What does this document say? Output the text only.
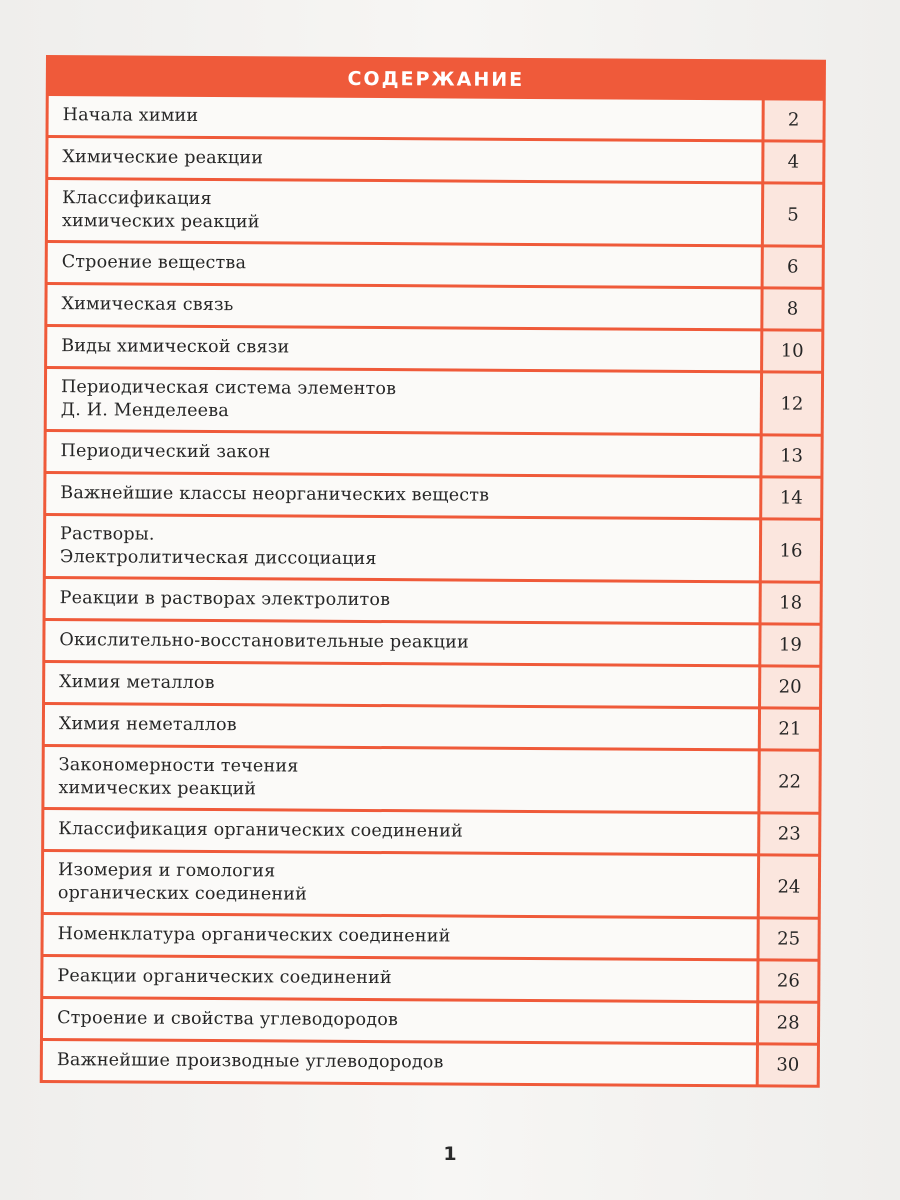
СОДЕРЖАНИЕ
Начала химии	2
Химические реакции	4
Классификация
химических реакций	5
Строение вещества	6
Химическая связь	8
Виды химической связи	10
Периодическая система элементов
Д. И. Менделеева	12
Периодический закон	13
Важнейшие классы неорганических веществ	14
Растворы.
Электролитическая диссоциация	16
Реакции в растворах электролитов	18
Окислительно-восстановительные реакции	19
Химия металлов	20
Химия неметаллов	21
Закономерности течения
химических реакций	22
Классификация органических соединений	23
Изомерия и гомология
органических соединений	24
Номенклатура органических соединений	25
Реакции органических соединений	26
Строение и свойства углеводородов	28
Важнейшие производные углеводородов	30
1
